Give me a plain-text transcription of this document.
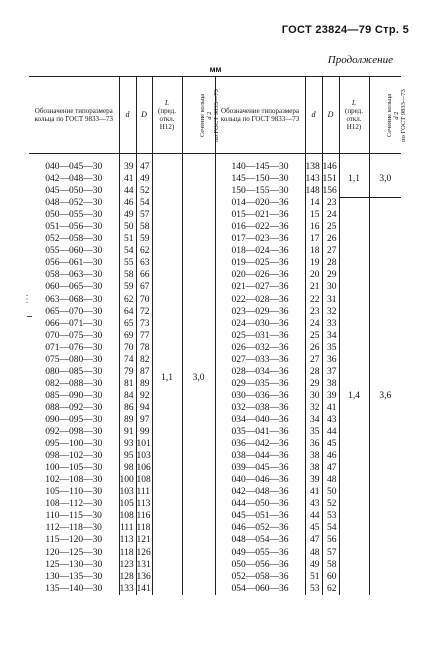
ГОСТ 23824—79 Стр. 5
Продолжение
мм
Обозначение типоразмера кольца по ГОСТ 9833—73	d	D	L
(пред. откл.
H12)	Сечение кольца
d 2
по ГОСТ 9833—73	Обозначение типоразмера кольца по ГОСТ 9833—73	d	D	L
(пред. откл.
H12)	Сечение кольца
d 2
по ГОСТ 9833—73
040—045—30	39	47	1,1	3,0	140—145—30	138	146	1,1	3,0
042—048—30	41	49			145—150—30	143	151		
045—050—30	44	52			150—155—30	148	156		
048—052—30	46	54			014—020—36	14	23	1,4	3,6
050—055—30	49	57			015—021—36	15	24		
051—056—30	50	58			016—022—36	16	25		
052—058—30	51	59			017—023—36	17	26		
055—060—30	54	62			018—024—36	18	27		
056—061—30	55	63			019—025—36	19	28		
058—063—30	58	66			020—026—36	20	29		
060—065—30	59	67			021—027—36	21	30		
063—068—30	62	70			022—028—36	22	31		
065—070—30	64	72			023—029—36	23	32		
066—071—30	65	73			024—030—36	24	33		
070—075—30	69	77			025—031—36	25	34		
071—076—30	70	78			026—032—36	26	35		
075—080—30	74	82			027—033—36	27	36		
080—085—30	79	87			028—034—36	28	37		
082—088—30	81	89			029—035—36	29	38		
085—090—30	84	92			030—036—36	30	39		
088—092—30	86	94			032—038—36	32	41		
090—095—30	89	97			034—040—36	34	43		
092—098—30	91	99			035—041—36	35	44		
095—100—30	93	101			036—042—36	36	45		
098—102—30	95	103			038—044—36	38	46		
100—105—30	98	106			039—045—36	38	47		
102—108—30	100	108			040—046—36	39	48		
105—110—30	103	111			042—048—36	41	50		
108—112—30	105	113			044—050—36	43	52		
110—115—30	108	116			045—051—36	44	53		
112—118—30	111	118			046—052—36	45	54		
115—120—30	113	121			048—054—36	47	56		
120—125—30	118	126			049—055—36	48	57		
125—130—30	123	131			050—056—36	49	58		
130—135—30	128	136			052—058—36	51	60		
135—140—30	133	141			054—060—36	53	62		
⋮
